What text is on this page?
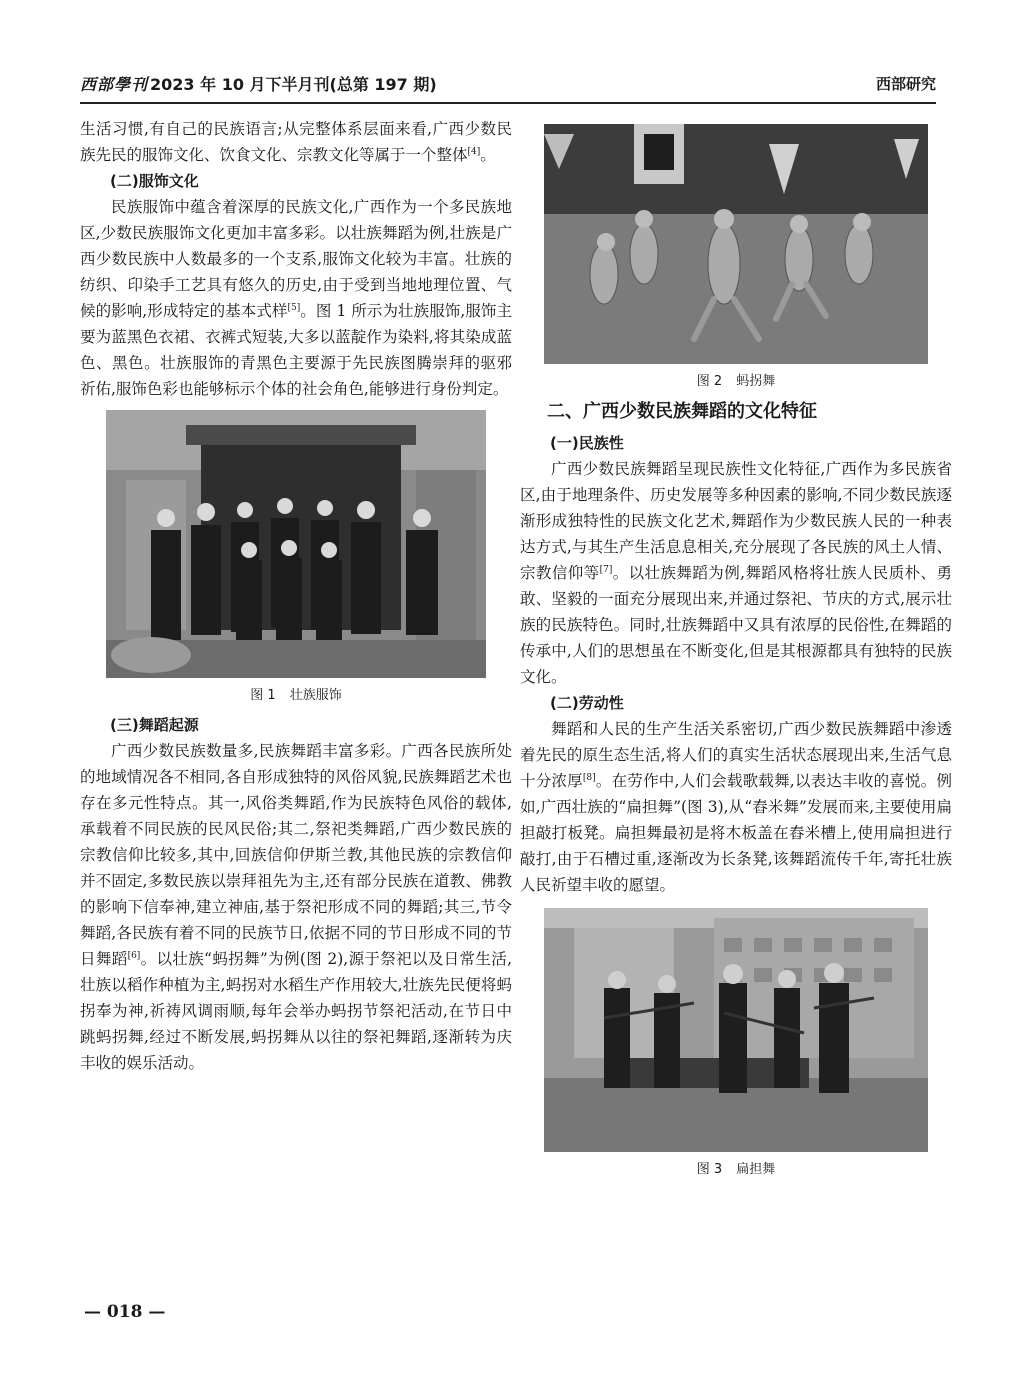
西部學刊 2023 年 10 月下半月刊(总第 197 期)	西部研究

生活习惯,有自己的民族语言;从完整体系层面来看,广西少数民族先民的服饰文化、饮食文化、宗教文化等属于一个整体[4]。

(二)服饰文化

民族服饰中蕴含着深厚的民族文化,广西作为一个多民族地区,少数民族服饰文化更加丰富多彩。以壮族舞蹈为例,壮族是广西少数民族中人数最多的一个支系,服饰文化较为丰富。壮族的纺织、印染手工艺具有悠久的历史,由于受到当地地理位置、气候的影响,形成特定的基本式样[5]。图 1 所示为壮族服饰,服饰主要为蓝黑色衣裙、衣裤式短装,大多以蓝靛作为染料,将其染成蓝色、黑色。壮族服饰的青黑色主要源于先民族图腾崇拜的驱邪祈佑,服饰色彩也能够标示个体的社会角色,能够进行身份判定。

图 1 壮族服饰
(三)舞蹈起源

广西少数民族数量多,民族舞蹈丰富多彩。广西各民族所处的地域情况各不相同,各自形成独特的风俗风貌,民族舞蹈艺术也存在多元性特点。其一,风俗类舞蹈,作为民族特色风俗的载体,承载着不同民族的民风民俗;其二,祭祀类舞蹈,广西少数民族的宗教信仰比较多,其中,回族信仰伊斯兰教,其他民族的宗教信仰并不固定,多数民族以崇拜祖先为主,还有部分民族在道教、佛教的影响下信奉神,建立神庙,基于祭祀形成不同的舞蹈;其三,节令舞蹈,各民族有着不同的民族节日,依据不同的节日形成不同的节日舞蹈[6]。以壮族“蚂拐舞”为例(图 2),源于祭祀以及日常生活,壮族以稻作种植为主,蚂拐对水稻生产作用较大,壮族先民便将蚂拐奉为神,祈祷风调雨顺,每年会举办蚂拐节祭祀活动,在节日中跳蚂拐舞,经过不断发展,蚂拐舞从以往的祭祀舞蹈,逐渐转为庆丰收的娱乐活动。

图 2 蚂拐舞
二、广西少数民族舞蹈的文化特征
(一)民族性

广西少数民族舞蹈呈现民族性文化特征,广西作为多民族省区,由于地理条件、历史发展等多种因素的影响,不同少数民族逐渐形成独特性的民族文化艺术,舞蹈作为少数民族人民的一种表达方式,与其生产生活息息相关,充分展现了各民族的风土人情、宗教信仰等[7]。以壮族舞蹈为例,舞蹈风格将壮族人民质朴、勇敢、坚毅的一面充分展现出来,并通过祭祀、节庆的方式,展示壮族的民族特色。同时,壮族舞蹈中又具有浓厚的民俗性,在舞蹈的传承中,人们的思想虽在不断变化,但是其根源都具有独特的民族文化。

(二)劳动性

舞蹈和人民的生产生活关系密切,广西少数民族舞蹈中渗透着先民的原生态生活,将人们的真实生活状态展现出来,生活气息十分浓厚[8]。在劳作中,人们会载歌载舞,以表达丰收的喜悦。例如,广西壮族的“扁担舞”(图 3),从“舂米舞”发展而来,主要使用扁担敲打板凳。扁担舞最初是将木板盖在舂米槽上,使用扁担进行敲打,由于石槽过重,逐渐改为长条凳,该舞蹈流传千年,寄托壮族人民祈望丰收的愿望。

图 3 扁担舞
— 018 —
